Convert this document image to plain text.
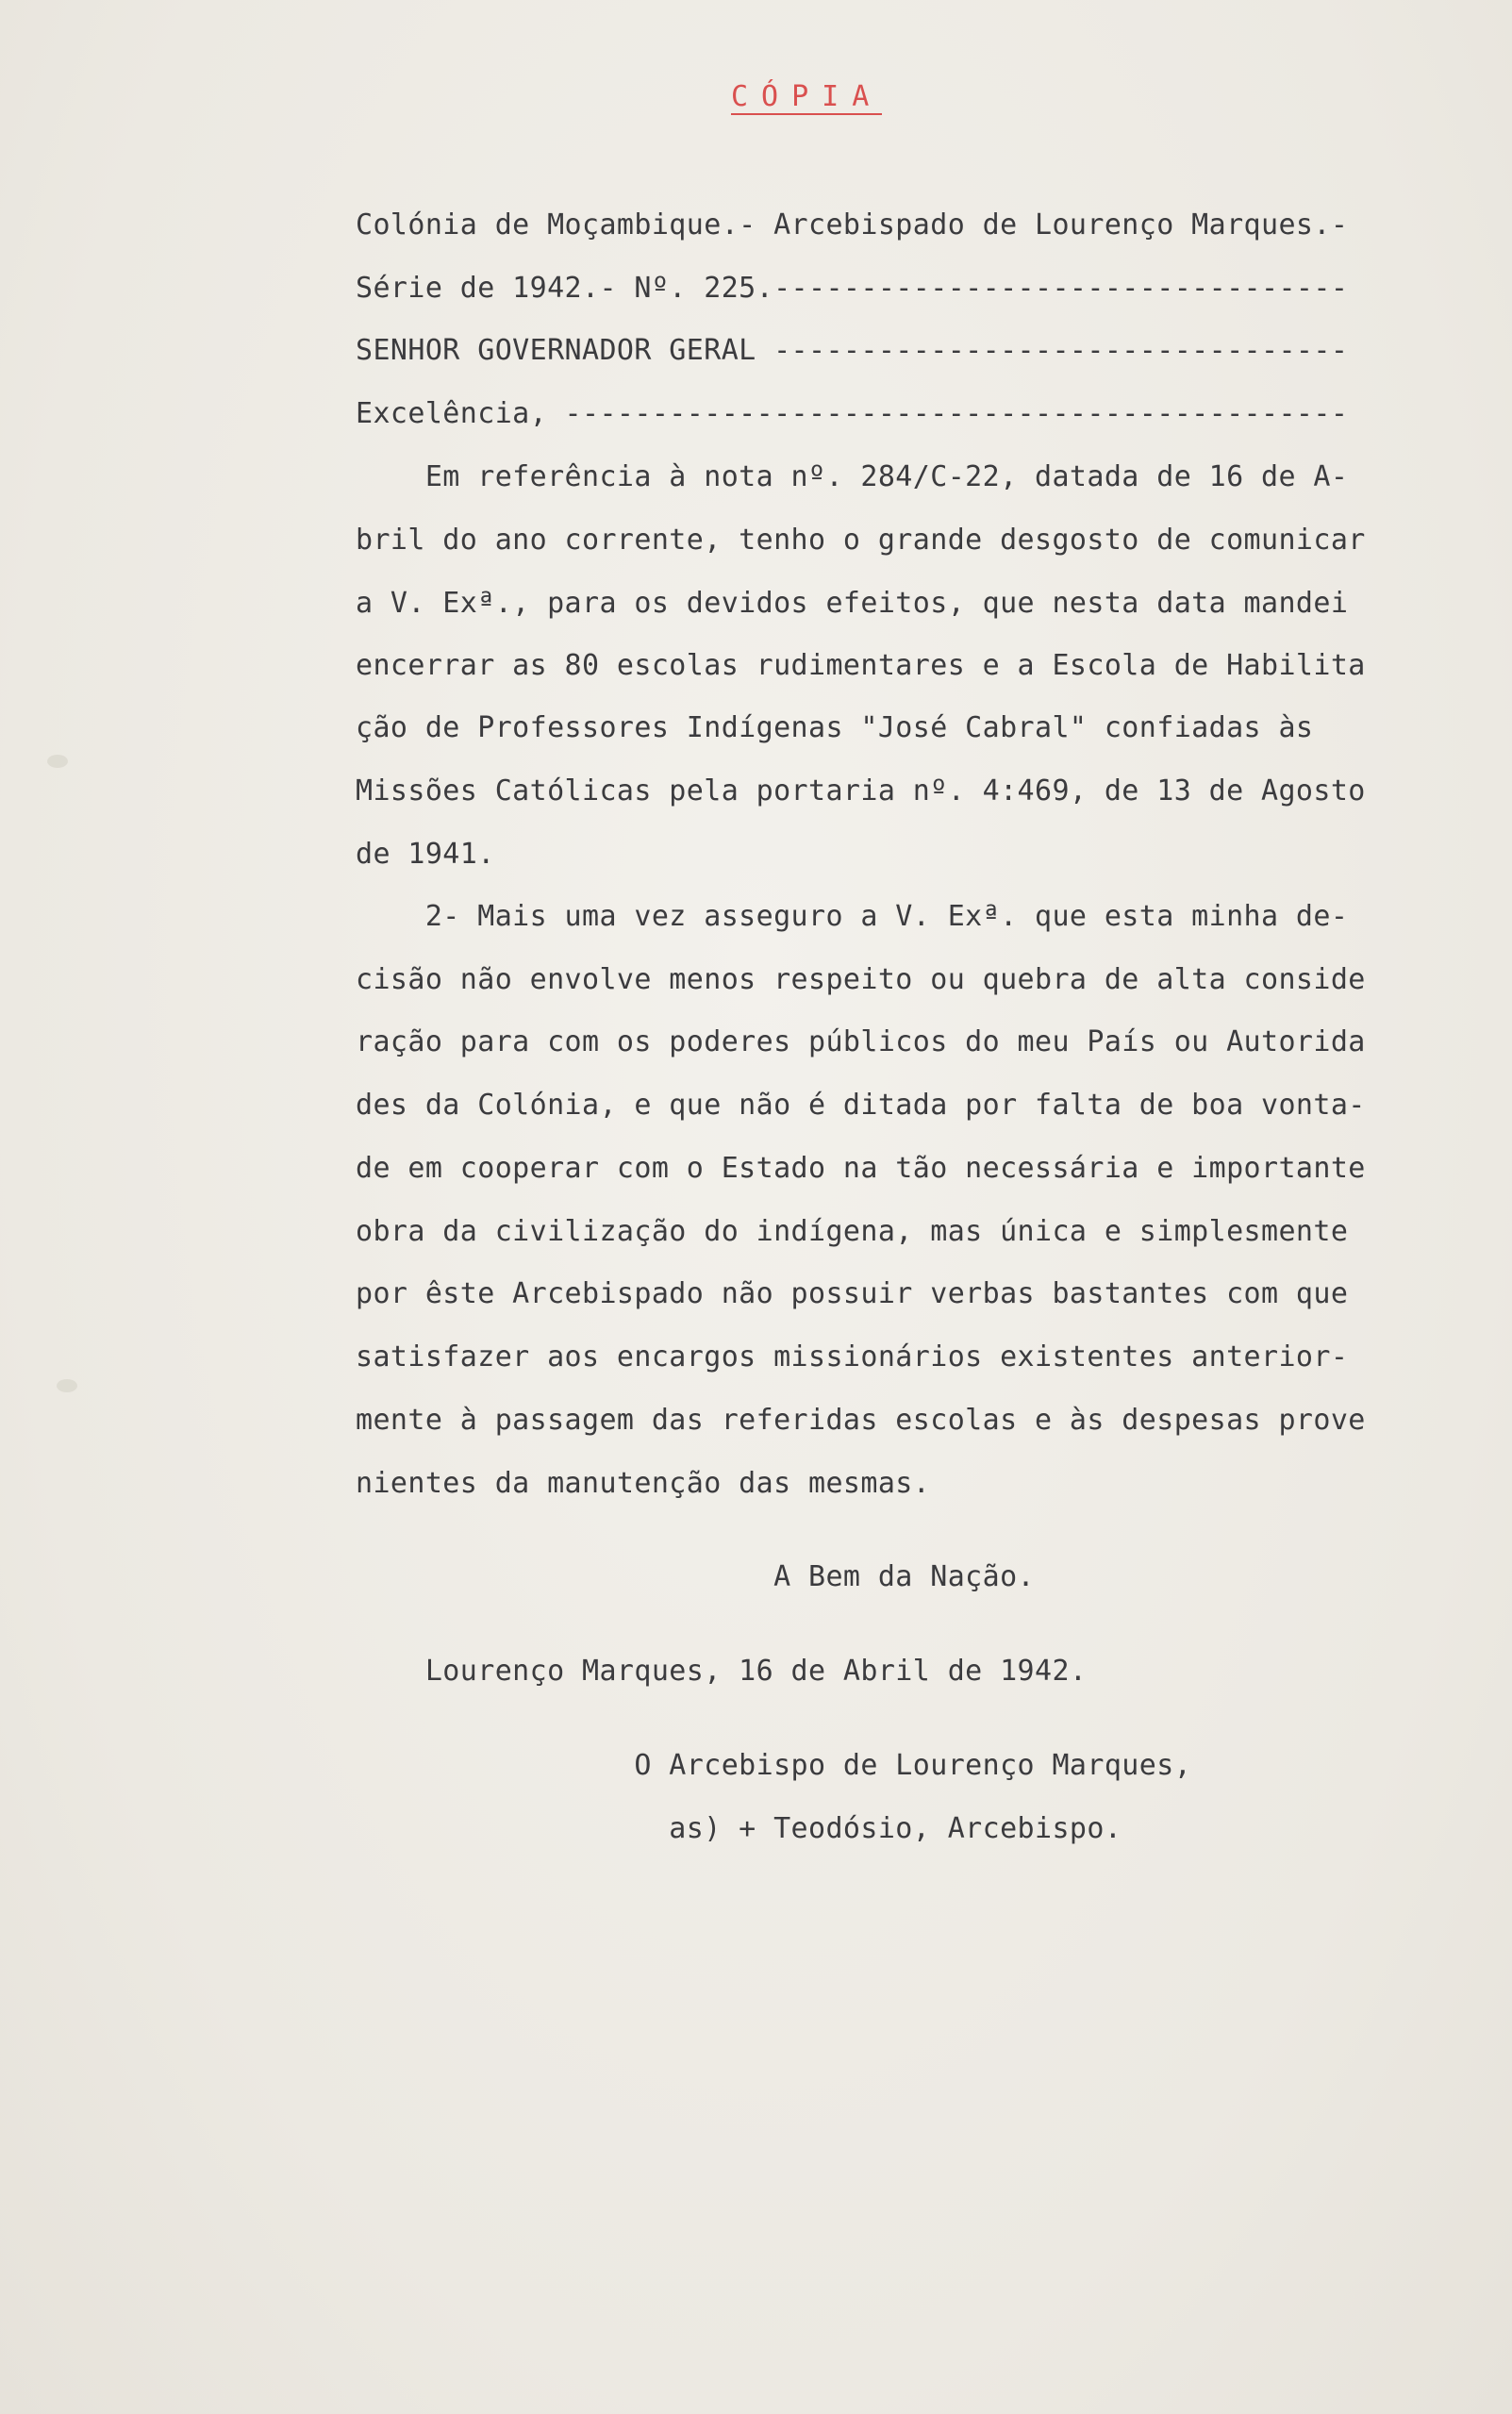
CÓPIA
Colónia de Moçambique.- Arcebispado de Lourenço Marques.-
Série de 1942.- Nº. 225.---------------------------------
SENHOR GOVERNADOR GERAL ---------------------------------
Excelência, ---------------------------------------------
Em referência à nota nº. 284/C-22, datada de 16 de A-
bril do ano corrente, tenho o grande desgosto de comunicar
a V. Exª., para os devidos efeitos, que nesta data mandei
encerrar as 80 escolas rudimentares e a Escola de Habilita
ção de Professores Indígenas "José Cabral" confiadas às
Missões Católicas pela portaria nº. 4:469, de 13 de Agosto
de 1941.
2- Mais uma vez asseguro a V. Exª. que esta minha de-
cisão não envolve menos respeito ou quebra de alta conside
ração para com os poderes públicos do meu País ou Autorida
des da Colónia, e que não é ditada por falta de boa vonta-
de em cooperar com o Estado na tão necessária e importante
obra da civilização do indígena, mas única e simplesmente
por êste Arcebispado não possuir verbas bastantes com que
satisfazer aos encargos missionários existentes anterior-
mente à passagem das referidas escolas e às despesas prove
nientes da manutenção das mesmas.
A Bem da Nação.
Lourenço Marques, 16 de Abril de 1942.
O Arcebispo de Lourenço Marques,
as) + Teodósio, Arcebispo.
